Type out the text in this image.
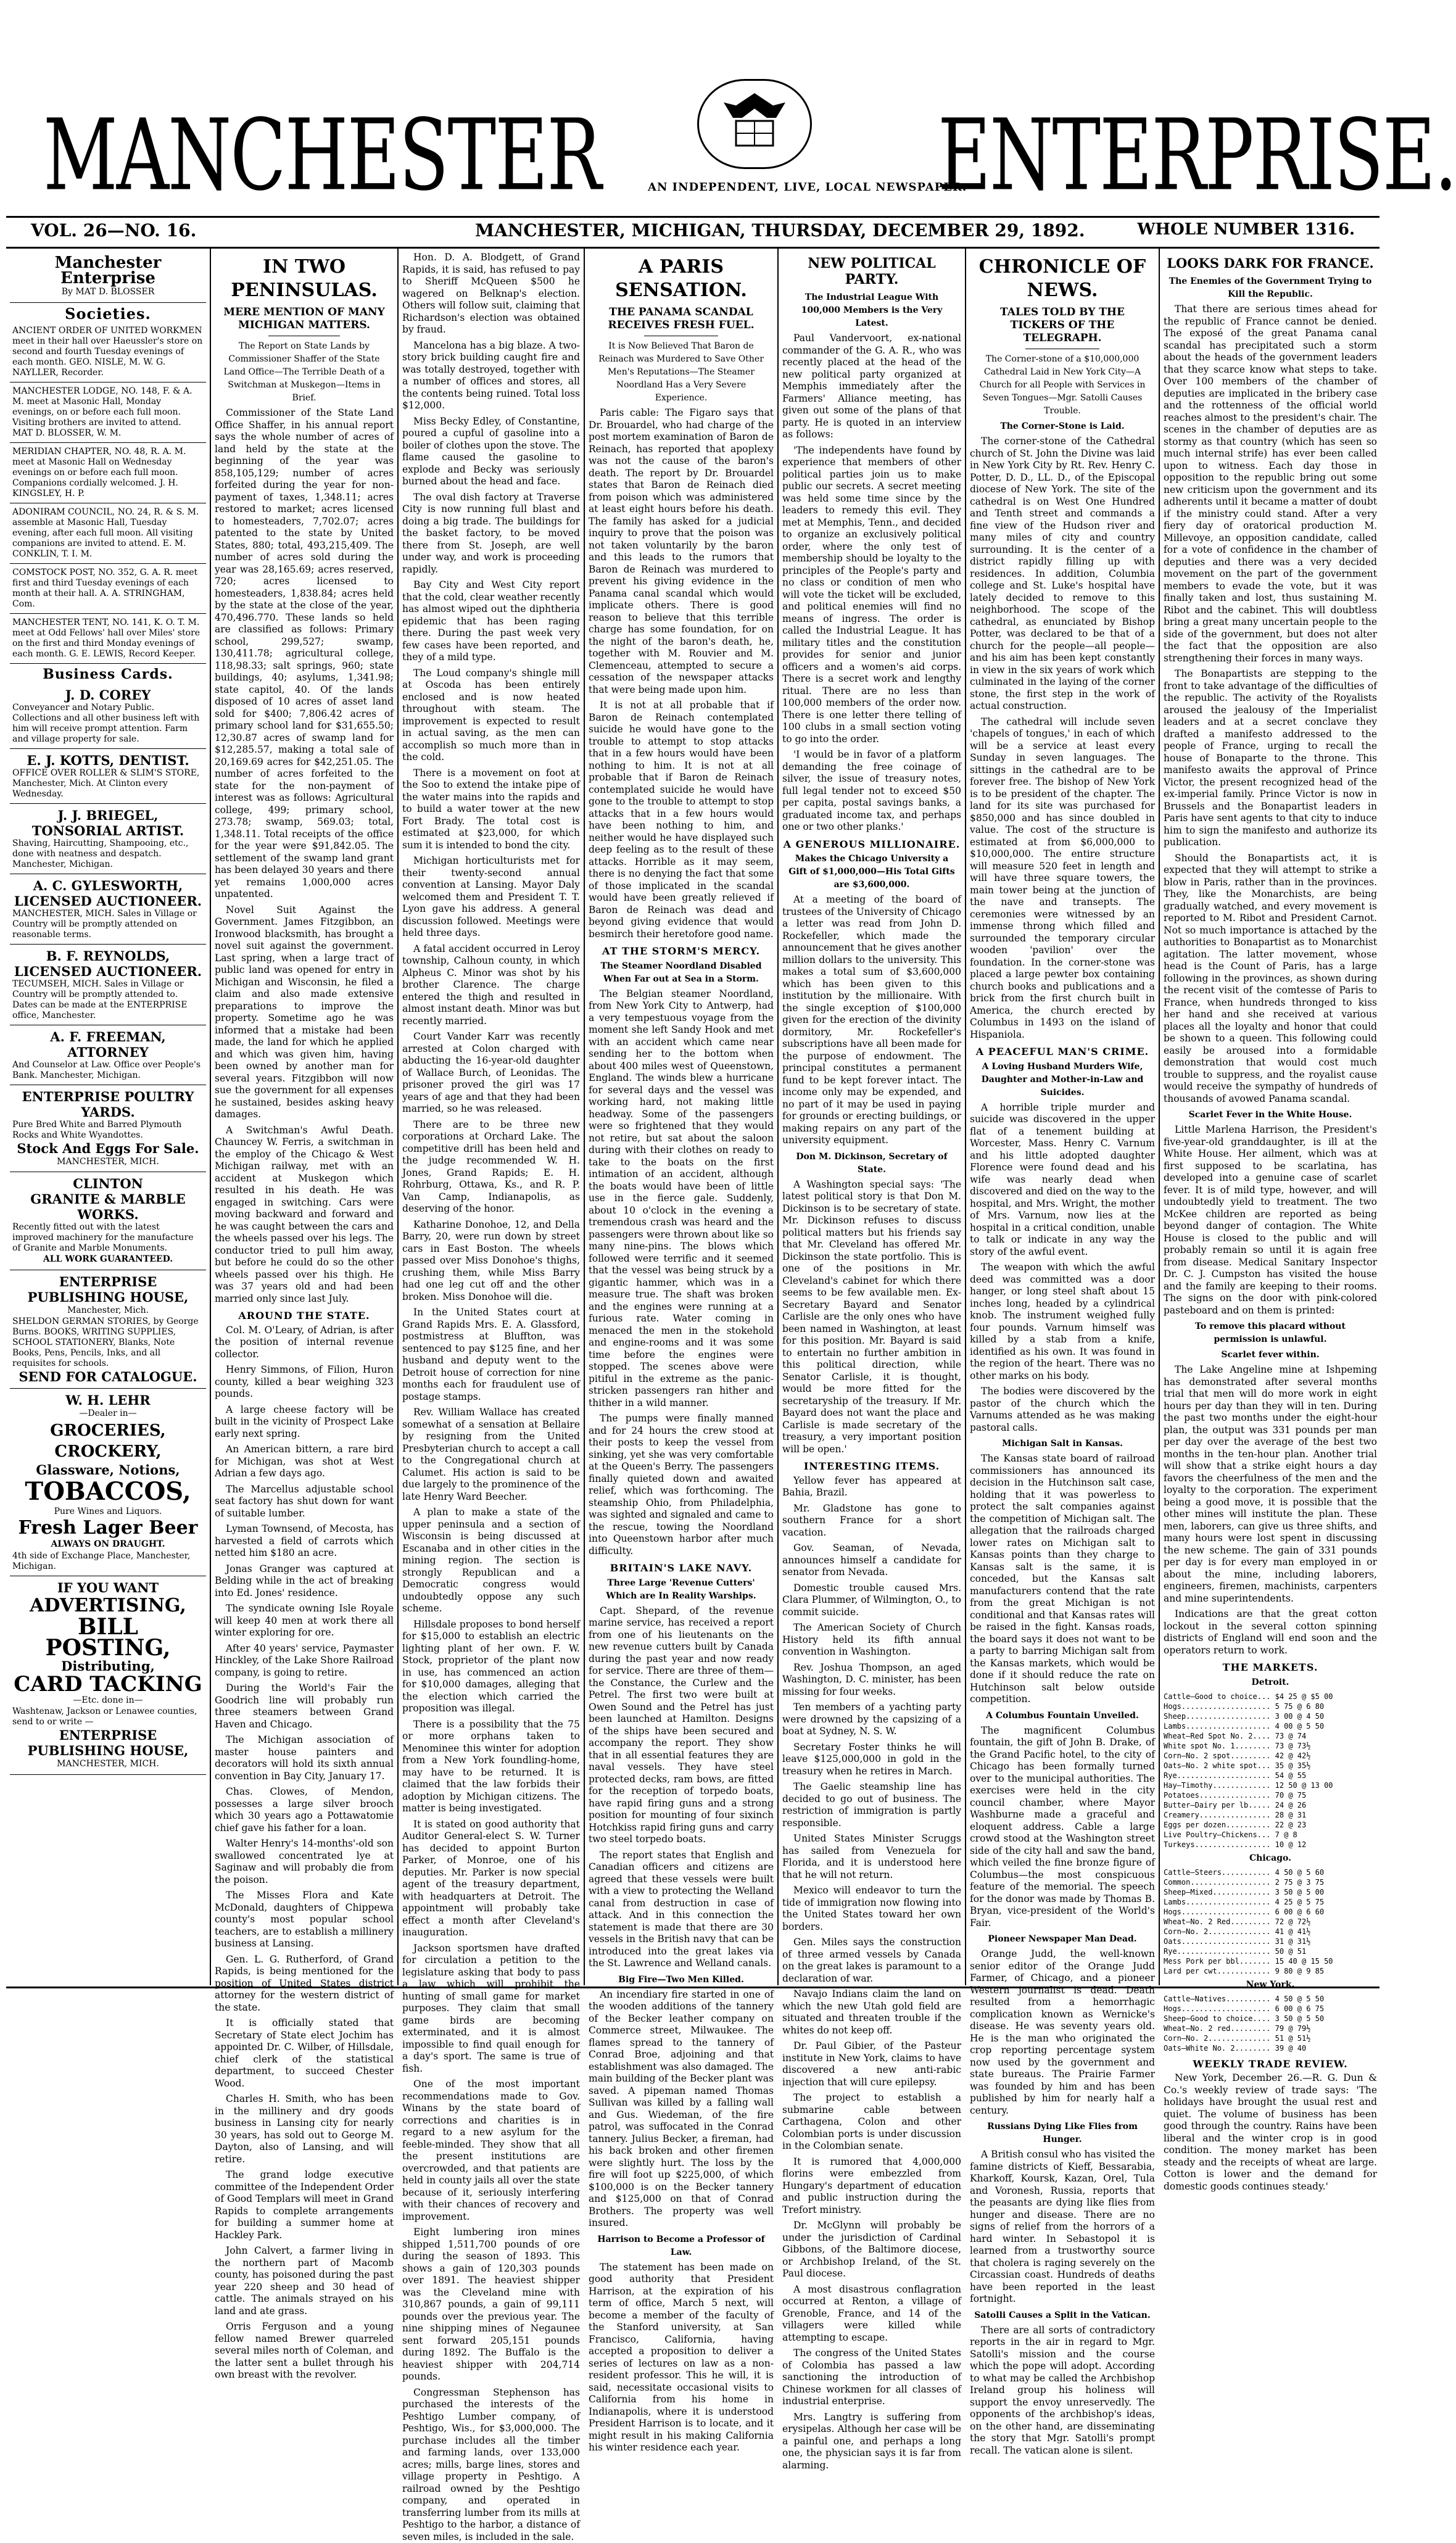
MANCHESTER	ENTERPRISE.
AN INDEPENDENT, LIVE, LOCAL NEWSPAPER.
VOL. 26—NO. 16.	MANCHESTER, MICHIGAN, THURSDAY, DECEMBER 29, 1892.	WHOLE NUMBER 1316.
Manchester Enterprise
By MAT D. BLOSSER
Societies.
ANCIENT ORDER OF UNITED WORKMEN meet in their hall over Haeussler's store on second and fourth Tuesday evenings of each month. GEO. NISLE, M. W. G. NAYLLER, Recorder.
MANCHESTER LODGE, NO. 148, F. & A. M. meet at Masonic Hall, Monday evenings, on or before each full moon. Visiting brothers are invited to attend. MAT D. BLOSSER, W. M.
MERIDIAN CHAPTER, NO. 48, R. A. M. meet at Masonic Hall on Wednesday evenings on or before each full moon. Companions cordially welcomed. J. H. KINGSLEY, H. P.
ADONIRAM COUNCIL, NO. 24, R. & S. M. assemble at Masonic Hall, Tuesday evening, after each full moon. All visiting companions are invited to attend. E. M. CONKLIN, T. I. M.
COMSTOCK POST, NO. 352, G. A. R. meet first and third Tuesday evenings of each month at their hall. A. A. STRINGHAM, Com.
MANCHESTER TENT, NO. 141, K. O. T. M. meet at Odd Fellows' hall over Miles' store on the first and third Monday evenings of each month. G. E. LEWIS, Record Keeper.
Business Cards.
J. D. COREY
Conveyancer and Notary Public. Collections and all other business left with him will receive prompt attention. Farm and village property for sale.
E. J. KOTTS, DENTIST.
OFFICE OVER ROLLER & SLIM'S STORE, Manchester, Mich. At Clinton every Wednesday.
J. J. BRIEGEL, TONSORIAL ARTIST.
Shaving, Haircutting, Shampooing, etc., done with neatness and despatch. Manchester, Michigan.
A. C. GYLESWORTH, LICENSED AUCTIONEER.
MANCHESTER, MICH. Sales in Village or Country will be promptly attended on reasonable terms.
B. F. REYNOLDS, LICENSED AUCTIONEER.
TECUMSEH, MICH. Sales in Village or Country will be promptly attended to. Dates can be made at the ENTERPRISE office, Manchester.
A. F. FREEMAN, ATTORNEY
And Counselor at Law. Office over People's Bank. Manchester, Michigan.
ENTERPRISE POULTRY YARDS.
Pure Bred White and Barred Plymouth Rocks and White Wyandottes.
Stock And Eggs For Sale.
MANCHESTER, MICH.
CLINTON
GRANITE & MARBLE WORKS.
Recently fitted out with the latest improved machinery for the manufacture of Granite and Marble Monuments.
ALL WORK GUARANTEED.
ENTERPRISE PUBLISHING HOUSE,
Manchester, Mich.
SHELDON GERMAN STORIES, by George Burns. BOOKS, WRITING SUPPLIES, SCHOOL STATIONERY, Blanks, Note Books, Pens, Pencils, Inks, and all requisites for schools.
SEND FOR CATALOGUE.
W. H. LEHR
—Dealer in—
GROCERIES, CROCKERY,
Glassware, Notions,
TOBACCOS,
Pure Wines and Liquors.
Fresh Lager Beer
ALWAYS ON DRAUGHT.
4th side of Exchange Place, Manchester, Michigan.
IF YOU WANT
ADVERTISING,
BILL POSTING,
Distributing,
CARD TACKING
—Etc. done in—
Washtenaw, Jackson or Lenawee counties, send to or write —
ENTERPRISE PUBLISHING HOUSE,
MANCHESTER, MICH.
IN TWO PENINSULAS.
MERE MENTION OF MANY MICHIGAN MATTERS.
The Report on State Lands by Commissioner Shaffer of the State Land Office—The Terrible Death of a Switchman at Muskegon—Items in Brief.

Commissioner of the State Land Office Shaffer, in his annual report says the whole number of acres of land held by the state at the beginning of the year was 858,105,129; number of acres forfeited during the year for non-payment of taxes, 1,348.11; acres restored to market; acres licensed to homesteaders, 7,702.07; acres patented to the state by United States, 880; total, 493,215,409. The number of acres sold during the year was 28,165.69; acres reserved, 720; acres licensed to homesteaders, 1,838.84; acres held by the state at the close of the year, 470,496.770. These lands so held are classified as follows: Primary school, 299,527; swamp, 130,411.78; agricultural college, 118,98.33; salt springs, 960; state buildings, 40; asylums, 1,341.98; state capitol, 40. Of the lands disposed of 10 acres of asset land sold for $400; 7,806.42 acres of primary school land for $31,655.50; 12,30.87 acres of swamp land for $12,285.57, making a total sale of 20,169.69 acres for $42,251.05. The number of acres forfeited to the state for the non-payment of interest was as follows: Agricultural college, 499; primary school, 273.78; swamp, 569.03; total, 1,348.11. Total receipts of the office for the year were $91,842.05. The settlement of the swamp land grant has been delayed 30 years and there yet remains 1,000,000 acres unpatented.

Novel Suit Against the Government. James Fitzgibbon, an Ironwood blacksmith, has brought a novel suit against the government. Last spring, when a large tract of public land was opened for entry in Michigan and Wisconsin, he filed a claim and also made extensive preparations to improve the property. Sometime ago he was informed that a mistake had been made, the land for which he applied and which was given him, having been owned by another man for several years. Fitzgibbon will now sue the government for all expenses he sustained, besides asking heavy damages.

A Switchman's Awful Death. Chauncey W. Ferris, a switchman in the employ of the Chicago & West Michigan railway, met with an accident at Muskegon which resulted in his death. He was engaged in switching. Cars were moving backward and forward and he was caught between the cars and the wheels passed over his legs. The conductor tried to pull him away, but before he could do so the other wheels passed over his thigh. He was 37 years old and had been married only since last July.

AROUND THE STATE.

Col. M. O'Leary, of Adrian, is after the position of internal revenue collector.

Henry Simmons, of Filion, Huron county, killed a bear weighing 323 pounds.

A large cheese factory will be built in the vicinity of Prospect Lake early next spring.

An American bittern, a rare bird for Michigan, was shot at West Adrian a few days ago.

The Marcellus adjustable school seat factory has shut down for want of suitable lumber.

Lyman Townsend, of Mecosta, has harvested a field of carrots which netted him $180 an acre.

Jonas Granger was captured at Belding while in the act of breaking into Ed. Jones' residence.

The syndicate owning Isle Royale will keep 40 men at work there all winter exploring for ore.

After 40 years' service, Paymaster Hinckley, of the Lake Shore Railroad company, is going to retire.

During the World's Fair the Goodrich line will probably run three steamers between Grand Haven and Chicago.

The Michigan association of master house painters and decorators will hold its sixth annual convention in Bay City, January 17.

Chas. Clowes, of Mendon, possesses a large silver brooch which 30 years ago a Pottawatomie chief gave his father for a loan.

Walter Henry's 14-months'-old son swallowed concentrated lye at Saginaw and will probably die from the poison.

The Misses Flora and Kate McDonald, daughters of Chippewa county's most popular school teachers, are to establish a millinery business at Lansing.

Gen. L. G. Rutherford, of Grand Rapids, is being mentioned for the position of United States district attorney for the western district of the state.

It is officially stated that Secretary of State elect Jochim has appointed Dr. C. Wilber, of Hillsdale, chief clerk of the statistical department, to succeed Chester Wood.

Charles H. Smith, who has been in the millinery and dry goods business in Lansing city for nearly 30 years, has sold out to George M. Dayton, also of Lansing, and will retire.

The grand lodge executive committee of the Independent Order of Good Templars will meet in Grand Rapids to complete arrangements for building a summer home at Hackley Park.

John Calvert, a farmer living in the northern part of Macomb county, has poisoned during the past year 220 sheep and 30 head of cattle. The animals strayed on his land and ate grass.

Orris Ferguson and a young fellow named Brewer quarreled several miles north of Coleman, and the latter sent a bullet through his own breast with the revolver.

Hon. D. A. Blodgett, of Grand Rapids, it is said, has refused to pay to Sheriff McQueen $500 he wagered on Belknap's election. Others will follow suit, claiming that Richardson's election was obtained by fraud.

Mancelona has a big blaze. A two-story brick building caught fire and was totally destroyed, together with a number of offices and stores, all the contents being ruined. Total loss $12,000.

Miss Becky Edley, of Constantine, poured a cupful of gasoline into a boiler of clothes upon the stove. The flame caused the gasoline to explode and Becky was seriously burned about the head and face.

The oval dish factory at Traverse City is now running full blast and doing a big trade. The buildings for the basket factory, to be moved there from St. Joseph, are well under way, and work is proceeding rapidly.

Bay City and West City report that the cold, clear weather recently has almost wiped out the diphtheria epidemic that has been raging there. During the past week very few cases have been reported, and they of a mild type.

The Loud company's shingle mill at Oscoda has been entirely enclosed and is now heated throughout with steam. The improvement is expected to result in actual saving, as the men can accomplish so much more than in the cold.

There is a movement on foot at the Soo to extend the intake pipe of the water mains into the rapids and to build a water tower at the new Fort Brady. The total cost is estimated at $23,000, for which sum it is intended to bond the city.

Michigan horticulturists met for their twenty-second annual convention at Lansing. Mayor Daly welcomed them and President T. T. Lyon gave his address. A general discussion followed. Meetings were held three days.

A fatal accident occurred in Leroy township, Calhoun county, in which Alpheus C. Minor was shot by his brother Clarence. The charge entered the thigh and resulted in almost instant death. Minor was but recently married.

Court Vander Karr was recently arrested at Colon charged with abducting the 16-year-old daughter of Wallace Burch, of Leonidas. The prisoner proved the girl was 17 years of age and that they had been married, so he was released.

There are to be three new corporations at Orchard Lake. The competitive drill has been held and the judge recommended W. H. Jones, Grand Rapids; E. H. Rohrburg, Ottawa, Ks., and R. P. Van Camp, Indianapolis, as deserving of the honor.

Katharine Donohoe, 12, and Della Barry, 20, were run down by street cars in East Boston. The wheels passed over Miss Donohoe's thighs, crushing them, while Miss Barry had one leg cut off and the other broken. Miss Donohoe will die.

In the United States court at Grand Rapids Mrs. E. A. Glassford, postmistress at Bluffton, was sentenced to pay $125 fine, and her husband and deputy went to the Detroit house of correction for nine months each for fraudulent use of postage stamps.

Rev. William Wallace has created somewhat of a sensation at Bellaire by resigning from the United Presbyterian church to accept a call to the Congregational church at Calumet. His action is said to be due largely to the prominence of the late Henry Ward Beecher.

A plan to make a state of the upper peninsula and a section of Wisconsin is being discussed at Escanaba and in other cities in the mining region. The section is strongly Republican and a Democratic congress would undoubtedly oppose any such scheme.

Hillsdale proposes to bond herself for $15,000 to establish an electric lighting plant of her own. F. W. Stock, proprietor of the plant now in use, has commenced an action for $10,000 damages, alleging that the election which carried the proposition was illegal.

There is a possibility that the 75 or more orphans taken to Menominee this winter for adoption from a New York foundling-home, may have to be returned. It is claimed that the law forbids their adoption by Michigan citizens. The matter is being investigated.

It is stated on good authority that Auditor General-elect S. W. Turner has decided to appoint Burton Parker, of Monroe, one of his deputies. Mr. Parker is now special agent of the treasury department, with headquarters at Detroit. The appointment will probably take effect a month after Cleveland's inauguration.

Jackson sportsmen have drafted for circulation a petition to the legislature asking that body to pass a law which will prohibit the hunting of small game for market purposes. They claim that small game birds are becoming exterminated, and it is almost impossible to find quail enough for a day's sport. The same is true of fish.

One of the most important recommendations made to Gov. Winans by the state board of corrections and charities is in regard to a new asylum for the feeble-minded. They show that all the present institutions are overcrowded, and that patients are held in county jails all over the state because of it, seriously interfering with their chances of recovery and improvement.

Eight lumbering iron mines shipped 1,511,700 pounds of ore during the season of 1893. This shows a gain of 120,303 pounds over 1891. The heaviest shipper was the Cleveland mine with 310,867 pounds, a gain of 99,111 pounds over the previous year. The nine shipping mines of Negaunee sent forward 205,151 pounds during 1892. The Buffalo is the heaviest shipper with 204,714 pounds.

Congressman Stephenson has purchased the interests of the Peshtigo Lumber company, of Peshtigo, Wis., for $3,000,000. The purchase includes all the timber and farming lands, over 133,000 acres; mills, barge lines, stores and village property in Peshtigo. A railroad owned by the Peshtigo company, and operated in transferring lumber from its mills at Peshtigo to the harbor, a distance of seven miles, is included in the sale.

A PARIS SENSATION.
THE PANAMA SCANDAL RECEIVES FRESH FUEL.
It is Now Believed That Baron de Reinach was Murdered to Save Other Men's Reputations—The Steamer Noordland Has a Very Severe Experience.

Paris cable: The Figaro says that Dr. Brouardel, who had charge of the post mortem examination of Baron de Reinach, has reported that apoplexy was not the cause of the baron's death. The report by Dr. Brouardel states that Baron de Reinach died from poison which was administered at least eight hours before his death. The family has asked for a judicial inquiry to prove that the poison was not taken voluntarily by the baron and this leads to the rumors that Baron de Reinach was murdered to prevent his giving evidence in the Panama canal scandal which would implicate others. There is good reason to believe that this terrible charge has some foundation, for on the night of the baron's death, he, together with M. Rouvier and M. Clemenceau, attempted to secure a cessation of the newspaper attacks that were being made upon him.

It is not at all probable that if Baron de Reinach contemplated suicide he would have gone to the trouble to attempt to stop attacks that in a few hours would have been nothing to him. It is not at all probable that if Baron de Reinach contemplated suicide he would have gone to the trouble to attempt to stop attacks that in a few hours would have been nothing to him, and neither would he have displayed such deep feeling as to the result of these attacks. Horrible as it may seem, there is no denying the fact that some of those implicated in the scandal would have been greatly relieved if Baron de Reinach was dead and beyond giving evidence that would besmirch their heretofore good name.

AT THE STORM'S MERCY.
The Steamer Noordland Disabled When Far out at Sea in a Storm.

The Belgian steamer Noordland, from New York City to Antwerp, had a very tempestuous voyage from the moment she left Sandy Hook and met with an accident which came near sending her to the bottom when about 400 miles west of Queenstown, England. The winds blew a hurricane for several days and the vessel was working hard, not making little headway. Some of the passengers were so frightened that they would not retire, but sat about the saloon during with their clothes on ready to take to the boats on the first intimation of an accident, although the boats would have been of little use in the fierce gale. Suddenly, about 10 o'clock in the evening a tremendous crash was heard and the passengers were thrown about like so many nine-pins. The blows which followed were terrific and it seemed that the vessel was being struck by a gigantic hammer, which was in a measure true. The shaft was broken and the engines were running at a furious rate. Water coming in menaced the men in the stokehold and engine-rooms and it was some time before the engines were stopped. The scenes above were pitiful in the extreme as the panic-stricken passengers ran hither and thither in a wild manner.

The pumps were finally manned and for 24 hours the crew stood at their posts to keep the vessel from sinking, yet she was very comfortable at the Queen's Berry. The passengers finally quieted down and awaited relief, which was forthcoming. The steamship Ohio, from Philadelphia, was sighted and signaled and came to the rescue, towing the Noordland into Queenstown harbor after much difficulty.

BRITAIN'S LAKE NAVY.
Three Large 'Revenue Cutters' Which are In Reality Warships.

Capt. Shepard, of the revenue marine service, has received a report from one of his lieutenants on the new revenue cutters built by Canada during the past year and now ready for service. There are three of them—the Constance, the Curlew and the Petrel. The first two were built at Owen Sound and the Petrel has just been launched at Hamilton. Designs of the ships have been secured and accompany the report. They show that in all essential features they are naval vessels. They have steel protected decks, ram bows, are fitted for the reception of torpedo boats, have rapid firing guns and a strong position for mounting of four sixinch Hotchkiss rapid firing guns and carry two steel torpedo boats.

The report states that English and Canadian officers and citizens are agreed that these vessels were built with a view to protecting the Welland canal from destruction in case of attack. And in this connection the statement is made that there are 30 vessels in the British navy that can be introduced into the great lakes via the St. Lawrence and Welland canals.

Big Fire—Two Men Killed.

An incendiary fire started in one of the wooden additions of the tannery of the Becker leather company on Commerce street, Milwaukee. The flames spread to the tannery of Conrad Broe, adjoining and that establishment was also damaged. The main building of the Becker plant was saved. A pipeman named Thomas Sullivan was killed by a falling wall and Gus. Wiedeman, of the fire patrol, was suffocated in the Conrad tannery. Julius Becker, a fireman, had his back broken and other firemen were slightly hurt. The loss by the fire will foot up $225,000, of which $100,000 is on the Becker tannery and $125,000 on that of Conrad Brothers. The property was well insured.

Harrison to Become a Professor of Law.

The statement has been made on good authority that President Harrison, at the expiration of his term of office, March 5 next, will become a member of the faculty of the Stanford university, at San Francisco, California, having accepted a proposition to deliver a series of lectures on law as a non-resident professor. This he will, it is said, necessitate occasional visits to California from his home in Indianapolis, where it is understood President Harrison is to locate, and it might result in his making California his winter residence each year.

NEW POLITICAL PARTY.
The Industrial League With 100,000 Members is the Very Latest.

Paul Vandervoort, ex-national commander of the G. A. R., who was recently placed at the head of the new political party organized at Memphis immediately after the Farmers' Alliance meeting, has given out some of the plans of that party. He is quoted in an interview as follows:

'The independents have found by experience that members of other political parties join us to make public our secrets. A secret meeting was held some time since by the leaders to remedy this evil. They met at Memphis, Tenn., and decided to organize an exclusively political order, where the only test of membership should be loyalty to the principles of the People's party and no class or condition of men who will vote the ticket will be excluded, and political enemies will find no means of ingress. The order is called the Industrial League. It has military titles and the constitution provides for senior and junior officers and a women's aid corps. There is a secret work and lengthy ritual. There are no less than 100,000 members of the order now. There is one letter there telling of 100 clubs in a small section voting to go into the order.

'I would be in favor of a platform demanding the free coinage of silver, the issue of treasury notes, full legal tender not to exceed $50 per capita, postal savings banks, a graduated income tax, and perhaps one or two other planks.'

A GENEROUS MILLIONAIRE.
Makes the Chicago University a Gift of $1,000,000—His Total Gifts are $3,600,000.

At a meeting of the board of trustees of the University of Chicago a letter was read from John D. Rockefeller, which made the announcement that he gives another million dollars to the university. This makes a total sum of $3,600,000 which has been given to this institution by the millionaire. With the single exception of $100,000 given for the erection of the divinity dormitory, Mr. Rockefeller's subscriptions have all been made for the purpose of endowment. The principal constitutes a permanent fund to be kept forever intact. The income only may be expended, and no part of it may be used in paying for grounds or erecting buildings, or making repairs on any part of the university equipment.

Don M. Dickinson, Secretary of State.

A Washington special says: 'The latest political story is that Don M. Dickinson is to be secretary of state. Mr. Dickinson refuses to discuss political matters but his friends say that Mr. Cleveland has offered Mr. Dickinson the state portfolio. This is one of the positions in Mr. Cleveland's cabinet for which there seems to be few available men. Ex-Secretary Bayard and Senator Carlisle are the only ones who have been named in Washington, at least for this position. Mr. Bayard is said to entertain no further ambition in this political direction, while Senator Carlisle, it is thought, would be more fitted for the secretaryship of the treasury. If Mr. Bayard does not want the place and Carlisle is made secretary of the treasury, a very important position will be open.'

INTERESTING ITEMS.

Yellow fever has appeared at Bahia, Brazil.

Mr. Gladstone has gone to southern France for a short vacation.

Gov. Seaman, of Nevada, announces himself a candidate for senator from Nevada.

Domestic trouble caused Mrs. Clara Plummer, of Wilmington, O., to commit suicide.

The American Society of Church History held its fifth annual convention in Washington.

Rev. Joshua Thompson, an aged Washington, D. C. minister, has been missing for four weeks.

Ten members of a yachting party were drowned by the capsizing of a boat at Sydney, N. S. W.

Secretary Foster thinks he will leave $125,000,000 in gold in the treasury when he retires in March.

The Gaelic steamship line has decided to go out of business. The restriction of immigration is partly responsible.

United States Minister Scruggs has sailed from Venezuela for Florida, and it is understood here that he will not return.

Mexico will endeavor to turn the tide of immigration now flowing into the United States toward her own borders.

Gen. Miles says the construction of three armed vessels by Canada on the great lakes is paramount to a declaration of war.

Navajo Indians claim the land on which the new Utah gold field are situated and threaten trouble if the whites do not keep off.

Dr. Paul Gibier, of the Pasteur institute in New York, claims to have discovered a new anti-rabic injection that will cure epilepsy.

The project to establish a submarine cable between Carthagena, Colon and other Colombian ports is under discussion in the Colombian senate.

It is rumored that 4,000,000 florins were embezzled from Hungary's department of education and public instruction during the Trefort ministry.

Dr. McGlynn will probably be under the jurisdiction of Cardinal Gibbons, of the Baltimore diocese, or Archbishop Ireland, of the St. Paul diocese.

A most disastrous conflagration occurred at Renton, a village of Grenoble, France, and 14 of the villagers were killed while attempting to escape.

The congress of the United States of Colombia has passed a law sanctioning the introduction of Chinese workmen for all classes of industrial enterprise.

Mrs. Langtry is suffering from erysipelas. Although her case will be a painful one, and perhaps a long one, the physician says it is far from alarming.

CHRONICLE OF NEWS.
TALES TOLD BY THE TICKERS OF THE TELEGRAPH.
The Corner-stone of a $10,000,000 Cathedral Laid in New York City—A Church for all People with Services in Seven Tongues—Mgr. Satolli Causes Trouble.
The Corner-Stone is Laid.

The corner-stone of the Cathedral church of St. John the Divine was laid in New York City by Rt. Rev. Henry C. Potter, D. D., LL. D., of the Episcopal diocese of New York. The site of the cathedral is on West One Hundred and Tenth street and commands a fine view of the Hudson river and many miles of city and country surrounding. It is the center of a district rapidly filling up with residences. In addition, Columbia college and St. Luke's hospital have lately decided to remove to this neighborhood. The scope of the cathedral, as enunciated by Bishop Potter, was declared to be that of a church for the people—all people—and his aim has been kept constantly in view in the six years of work which culminated in the laying of the corner stone, the first step in the work of actual construction.

The cathedral will include seven 'chapels of tongues,' in each of which will be a service at least every Sunday in seven languages. The sittings in the cathedral are to be forever free. The bishop of New York is to be president of the chapter. The land for its site was purchased for $850,000 and has since doubled in value. The cost of the structure is estimated at from $6,000,000 to $10,000,000. The entire structure will measure 520 feet in length and will have three square towers, the main tower being at the junction of the nave and transepts. The ceremonies were witnessed by an immense throng which filled and surrounded the temporary circular wooden 'pavilion' over the foundation. In the corner-stone was placed a large pewter box containing church books and publications and a brick from the first church built in America, the church erected by Columbus in 1493 on the island of Hispaniola.

A PEACEFUL MAN'S CRIME.
A Loving Husband Murders Wife, Daughter and Mother-in-Law and Suicides.

A horrible triple murder and suicide was discovered in the upper flat of a tenement building at Worcester, Mass. Henry C. Varnum and his little adopted daughter Florence were found dead and his wife was nearly dead when discovered and died on the way to the hospital, and Mrs. Wright, the mother of Mrs. Varnum, now lies at the hospital in a critical condition, unable to talk or indicate in any way the story of the awful event.

The weapon with which the awful deed was committed was a door hanger, or long steel shaft about 15 inches long, headed by a cylindrical knob. The instrument weighed fully four pounds. Varnum himself was killed by a stab from a knife, identified as his own. It was found in the region of the heart. There was no other marks on his body.

The bodies were discovered by the pastor of the church which the Varnums attended as he was making pastoral calls.

Michigan Salt in Kansas.

The Kansas state board of railroad commissioners has announced its decision in the Hutchinson salt case, holding that it was powerless to protect the salt companies against the competition of Michigan salt. The allegation that the railroads charged lower rates on Michigan salt to Kansas points than they charge to Kansas salt is the same, it is conceded, but the Kansas salt manufacturers contend that the rate from the great Michigan is not conditional and that Kansas rates will be raised in the fight. Kansas roads, the board says it does not want to be a party to barring Michigan salt from the Kansas markets, which would be done if it should reduce the rate on Hutchinson salt below outside competition.

A Columbus Fountain Unveiled.

The magnificent Columbus fountain, the gift of John B. Drake, of the Grand Pacific hotel, to the city of Chicago has been formally turned over to the municipal authorities. The exercises were held in the city council chamber, where Mayor Washburne made a graceful and eloquent address. Cable a large crowd stood at the Washington street side of the city hall and saw the band, which veiled the fine bronze figure of Columbus—the most conspicuous feature of the memorial. The speech for the donor was made by Thomas B. Bryan, vice-president of the World's Fair.

Pioneer Newspaper Man Dead.

Orange Judd, the well-known senior editor of the Orange Judd Farmer, of Chicago, and a pioneer Western journalist is dead. Death resulted from a hemorrhagic complication known as Wernicke's disease. He was seventy years old. He is the man who originated the crop reporting percentage system now used by the government and state bureaus. The Prairie Farmer was founded by him and has been published by him for nearly half a century.

Russians Dying Like Flies from Hunger.

A British consul who has visited the famine districts of Kieff, Bessarabia, Kharkoff, Koursk, Kazan, Orel, Tula and Voronesh, Russia, reports that the peasants are dying like flies from hunger and disease. There are no signs of relief from the horrors of a hard winter. In Sebastopol it is learned from a trustworthy source that cholera is raging severely on the Circassian coast. Hundreds of deaths have been reported in the least fortnight.

Satolli Causes a Split in the Vatican.

There are all sorts of contradictory reports in the air in regard to Mgr. Satolli's mission and the course which the pope will adopt. According to what may be called the Archbishop Ireland group his holiness will support the envoy unreservedly. The opponents of the archbishop's ideas, on the other hand, are disseminating the story that Mgr. Satolli's prompt recall. The vatican alone is silent.

LOOKS DARK FOR FRANCE.
The Enemies of the Government Trying to Kill the Republic.

That there are serious times ahead for the republic of France cannot be denied. The exposé of the great Panama canal scandal has precipitated such a storm about the heads of the government leaders that they scarce know what steps to take. Over 100 members of the chamber of deputies are implicated in the bribery case and the rottenness of the official world reaches almost to the president's chair. The scenes in the chamber of deputies are as stormy as that country (which has seen so much internal strife) has ever been called upon to witness. Each day those in opposition to the republic bring out some new criticism upon the government and its adherents until it became a matter of doubt if the ministry could stand. After a very fiery day of oratorical production M. Millevoye, an opposition candidate, called for a vote of confidence in the chamber of deputies and there was a very decided movement on the part of the government members to evade the vote, but it was finally taken and lost, thus sustaining M. Ribot and the cabinet. This will doubtless bring a great many uncertain people to the side of the government, but does not alter the fact that the opposition are also strengthening their forces in many ways.

The Bonapartists are stepping to the front to take advantage of the difficulties of the republic. The activity of the Royalists aroused the jealousy of the Imperialist leaders and at a secret conclave they drafted a manifesto addressed to the people of France, urging to recall the house of Bonaparte to the throne. This manifesto awaits the approval of Prince Victor, the present recognized head of the ex-imperial family. Prince Victor is now in Brussels and the Bonapartist leaders in Paris have sent agents to that city to induce him to sign the manifesto and authorize its publication.

Should the Bonapartists act, it is expected that they will attempt to strike a blow in Paris, rather than in the provinces. They, like the Monarchists, are being gradually watched, and every movement is reported to M. Ribot and President Carnot. Not so much importance is attached by the authorities to Bonapartist as to Monarchist agitation. The latter movement, whose head is the Count of Paris, has a large following in the provinces, as shown during the recent visit of the comtesse of Paris to France, when hundreds thronged to kiss her hand and she received at various places all the loyalty and honor that could be shown to a queen. This following could easily be aroused into a formidable demonstration that would cost much trouble to suppress, and the royalist cause would receive the sympathy of hundreds of thousands of avowed Panama scandal.

Scarlet Fever in the White House.

Little Marlena Harrison, the President's five-year-old granddaughter, is ill at the White House. Her ailment, which was at first supposed to be scarlatina, has developed into a genuine case of scarlet fever. It is of mild type, however, and will undoubtedly yield to treatment. The two McKee children are reported as being beyond danger of contagion. The White House is closed to the public and will probably remain so until it is again free from disease. Medical Sanitary Inspector Dr. C. J. Cumpston has visited the house and the family are keeping to their rooms. The signs on the door with pink-colored pasteboard and on them is printed:

To remove this placard without permission is unlawful.
Scarlet fever within.

The Lake Angeline mine at Ishpeming has demonstrated after several months trial that men will do more work in eight hours per day than they will in ten. During the past two months under the eight-hour plan, the output was 331 pounds per man per day over the average of the best two months in the ten-hour plan. Another trial will show that a strike eight hours a day favors the cheerfulness of the men and the loyalty to the corporation. The experiment being a good move, it is possible that the other mines will institute the plan. These men, laborers, can give us three shifts, and many hours were lost spent in discussing the new scheme. The gain of 331 pounds per day is for every man employed in or about the mine, including laborers, engineers, firemen, machinists, carpenters and mine superintendents.

Indications are that the great cotton lockout in the several cotton spinning districts of England will end soon and the operators return to work.

THE MARKETS.
Detroit.
Cattle—Good to choice... $4 25 @ $5 00
Hogs.................... 5 75 @ 6 80
Sheep................... 3 00 @ 4 50
Lambs................... 4 00 @ 5 50
Wheat—Red Spot No. 2.... 73 @ 74
White spot No. 1........ 73 @ 73½
Corn—No. 2 spot......... 42 @ 42½
Oats—No. 2 white spot... 35 @ 35½
Rye..................... 54 @ 55
Hay—Timothy............. 12 50 @ 13 00
Potatoes................ 70 @ 75
Butter—Dairy per lb..... 24 @ 26
Creamery................ 28 @ 31
Eggs per dozen.......... 22 @ 23
Live Poultry—Chickens... 7 @ 8
Turkeys................. 10 @ 12
Chicago.
Cattle—Steers........... 4 50 @ 5 60
Common.................. 2 75 @ 3 75
Sheep—Mixed............. 3 50 @ 5 00
Lambs................... 4 25 @ 5 75
Hogs.................... 6 00 @ 6 60
Wheat—No. 2 Red......... 72 @ 72½
Corn—No. 2.............. 41 @ 41½
Oats.................... 31 @ 31½
Rye..................... 50 @ 51
Mess Pork per bbl....... 15 40 @ 15 50
Lard per cwt............ 9 80 @ 9 85
New York.
Cattle—Natives.......... 4 50 @ 5 50
Hogs.................... 6 00 @ 6 75
Sheep—Good to choice.... 3 50 @ 5 50
Wheat—No. 2 red......... 79 @ 79½
Corn—No. 2.............. 51 @ 51½
Oats—White No. 2........ 39 @ 40
WEEKLY TRADE REVIEW.

New York, December 26.—R. G. Dun & Co.'s weekly review of trade says: 'The holidays have brought the usual rest and quiet. The volume of business has been good through the country. Rains have been liberal and the winter crop is in good condition. The money market has been steady and the receipts of wheat are large. Cotton is lower and the demand for domestic goods continues steady.'
